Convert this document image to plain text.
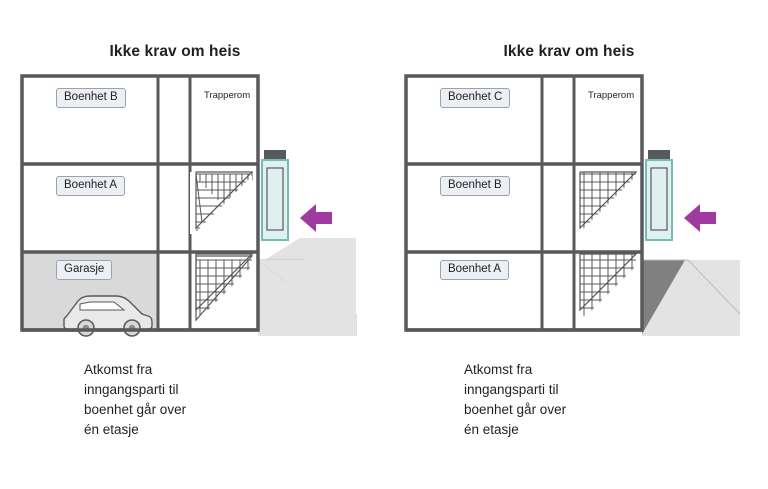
Ikke krav om heis
Boenhet B
Boenhet A
Garasje
Trapperom
Atkomst fra
inngangsparti til
boenhet går over
én etasje
Ikke krav om heis
Boenhet C
Boenhet B
Boenhet A
Trapperom
Atkomst fra
inngangsparti til
boenhet går over
én etasje
